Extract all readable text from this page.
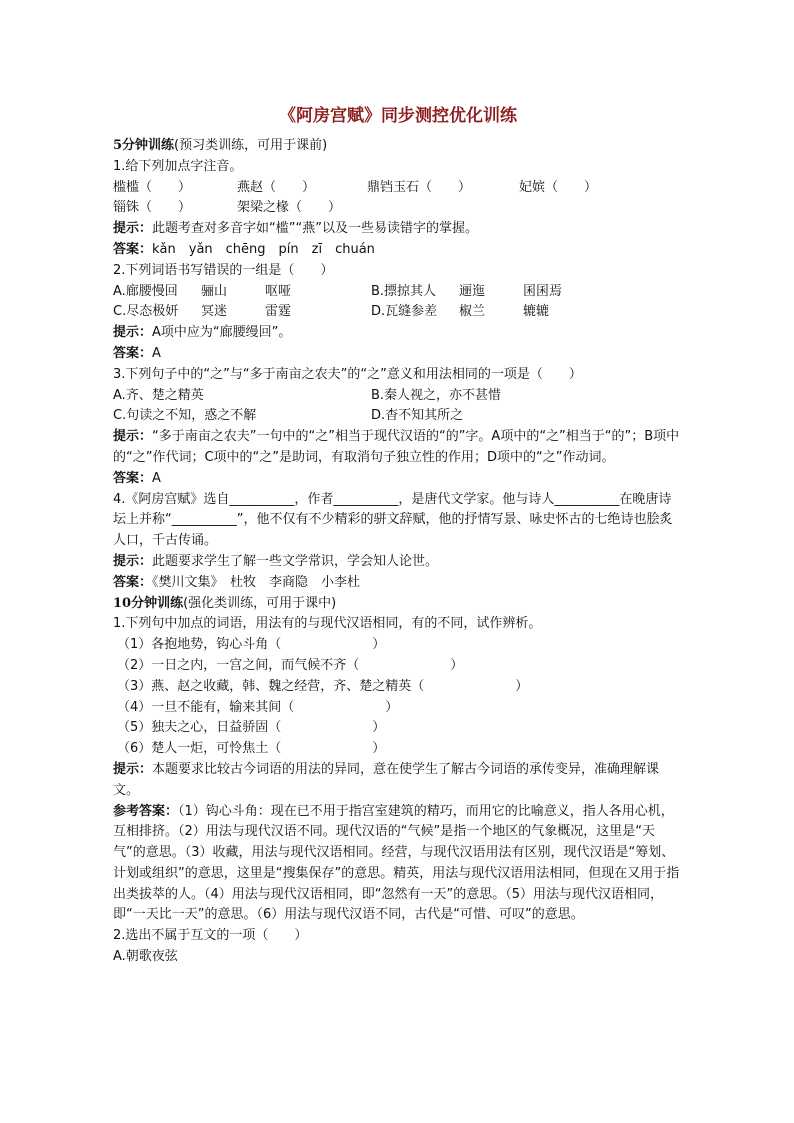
《阿房宫赋》同步测控优化训练
5分钟训练(预习类训练，可用于课前)
1.给下列加点字注音。
槛槛（　　）	燕赵（　　）	鼎铛玉石（　　）	妃嫔（　　）
锱铢（　　）	架梁之椽（　　）
提示：此题考查对多音字如“槛”“燕”以及一些易读错字的掌握。
答案：kǎn　yǎn　chēng　pín　zī　chuán
2.下列词语书写错误的一组是（　　）
A.廊腰慢回	骊山	呕哑	B.摽掠其人	逦迤	囷囷焉
C.尽态极妍	冥迷	雷霆	D.瓦缝参差	椒兰	辘辘
提示：A项中应为“廊腰缦回”。
答案：A
3.下列句子中的“之”与“多于南亩之农夫”的“之”意义和用法相同的一项是（　　）
A.齐、楚之精英	B.秦人视之，亦不甚惜
C.句读之不知，惑之不解	D.杳不知其所之
提示：“多于南亩之农夫”一句中的“之”相当于现代汉语的“的”字。A项中的“之”相当于“的”；B项中的“之”作代词；C项中的“之”是助词，有取消句子独立性的作用；D项中的“之”作动词。
答案：A
4.《阿房宫赋》选自__________，作者__________，是唐代文学家。他与诗人__________在晚唐诗坛上并称“__________”，他不仅有不少精彩的骈文辞赋，他的抒情写景、咏史怀古的七绝诗也脍炙人口，千古传诵。
提示：此题要求学生了解一些文学常识，学会知人论世。
答案：《樊川文集》　杜牧　李商隐　小李杜
10分钟训练(强化类训练，可用于课中)
1.下列句中加点的词语，用法有的与现代汉语相同，有的不同，试作辨析。
（1）各抱地势，钩心斗角（　　　　　　　）
（2）一日之内，一宫之间，而气候不齐（　　　　　　　）
（3）燕、赵之收藏，韩、魏之经营，齐、楚之精英（　　　　　　　）
（4）一旦不能有，输来其间（　　　　　　　）
（5）独夫之心，日益骄固（　　　　　　　）
（6）楚人一炬，可怜焦土（　　　　　　　）
提示：本题要求比较古今词语的用法的异同，意在使学生了解古今词语的承传变异，准确理解课文。
参考答案：（1）钩心斗角：现在已不用于指宫室建筑的精巧，而用它的比喻意义，指人各用心机，互相排挤。（2）用法与现代汉语不同。现代汉语的“气候”是指一个地区的气象概况，这里是“天气”的意思。（3）收藏，用法与现代汉语相同。经营，与现代汉语用法有区别，现代汉语是“筹划、计划或组织”的意思，这里是“搜集保存”的意思。精英，用法与现代汉语用法相同，但现在又用于指出类拔萃的人。（4）用法与现代汉语相同，即“忽然有一天”的意思。（5）用法与现代汉语相同，即“一天比一天”的意思。（6）用法与现代汉语不同，古代是“可惜、可叹”的意思。
2.选出不属于互文的一项（　　）
A.朝歌夜弦
